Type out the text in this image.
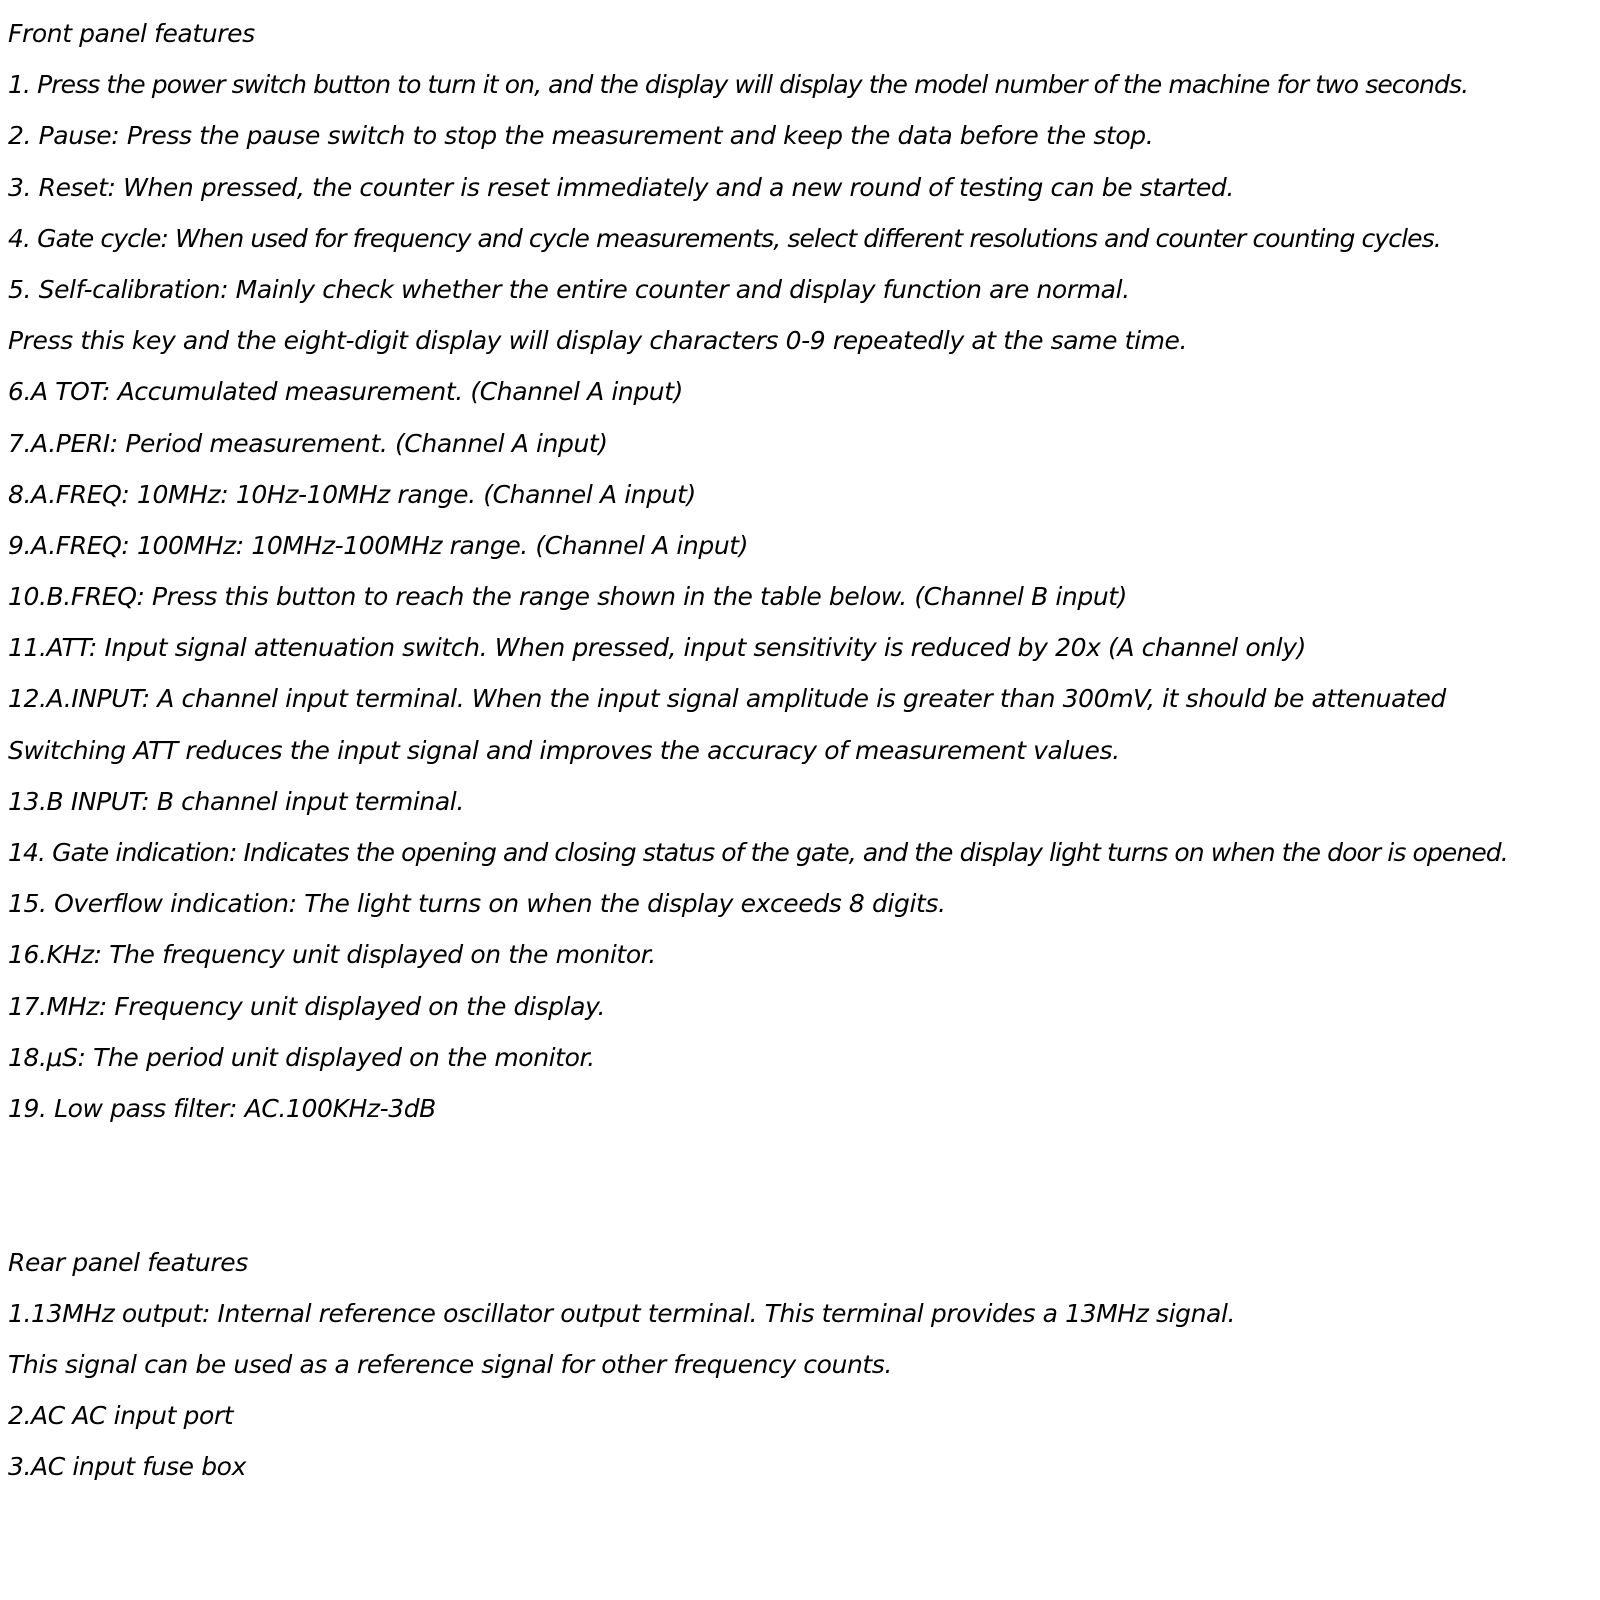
Front panel features

1. Press the power switch button to turn it on, and the display will display the model number of the machine for two seconds.

2. Pause: Press the pause switch to stop the measurement and keep the data before the stop.

3. Reset: When pressed, the counter is reset immediately and a new round of testing can be started.

4. Gate cycle: When used for frequency and cycle measurements, select different resolutions and counter counting cycles.

5. Self-calibration: Mainly check whether the entire counter and display function are normal.

Press this key and the eight-digit display will display characters 0-9 repeatedly at the same time.

6.A TOT: Accumulated measurement. (Channel A input)

7.A.PERI: Period measurement. (Channel A input)

8.A.FREQ: 10MHz: 10Hz-10MHz range. (Channel A input)

9.A.FREQ: 100MHz: 10MHz-100MHz range. (Channel A input)

10.B.FREQ: Press this button to reach the range shown in the table below. (Channel B input)

11.ATT: Input signal attenuation switch. When pressed, input sensitivity is reduced by 20x (A channel only)

12.A.INPUT: A channel input terminal. When the input signal amplitude is greater than 300mV, it should be attenuated

Switching ATT reduces the input signal and improves the accuracy of measurement values.

13.B INPUT: B channel input terminal.

14. Gate indication: Indicates the opening and closing status of the gate, and the display light turns on when the door is opened.

15. Overflow indication: The light turns on when the display exceeds 8 digits.

16.KHz: The frequency unit displayed on the monitor.

17.MHz: Frequency unit displayed on the display.

18.μS: The period unit displayed on the monitor.

19. Low pass filter: AC.100KHz-3dB

Rear panel features

1.13MHz output: Internal reference oscillator output terminal. This terminal provides a 13MHz signal.

This signal can be used as a reference signal for other frequency counts.

2.AC AC input port

3.AC input fuse box
